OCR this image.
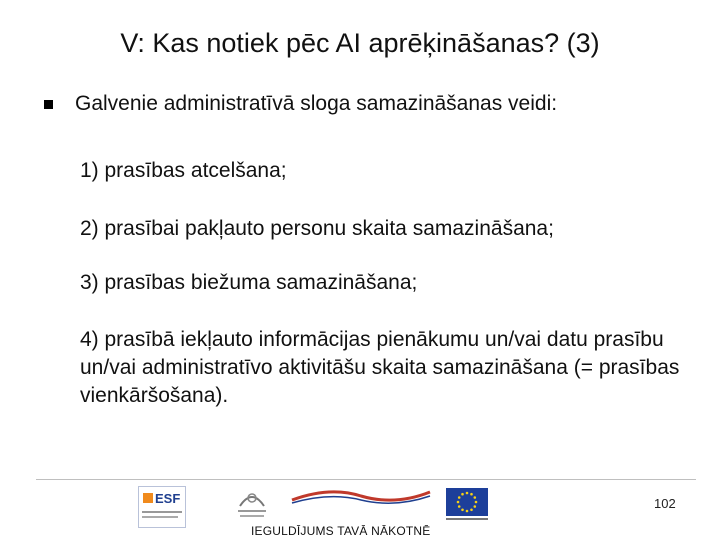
V: Kas notiek pēc AI aprēķināšanas? (3)
Galvenie administratīvā sloga samazināšanas veidi:
1) prasības atcelšana;
2) prasībai pakļauto personu skaita samazināšana;
3) prasības biežuma samazināšana;
4) prasībā iekļauto informācijas pienākumu un/vai datu prasību un/vai administratīvo aktivitāšu skaita samazināšana (= prasības vienkāršošana).
ESF	102
IEGULDĪJUMS TAVĀ NĀKOTNĒ
